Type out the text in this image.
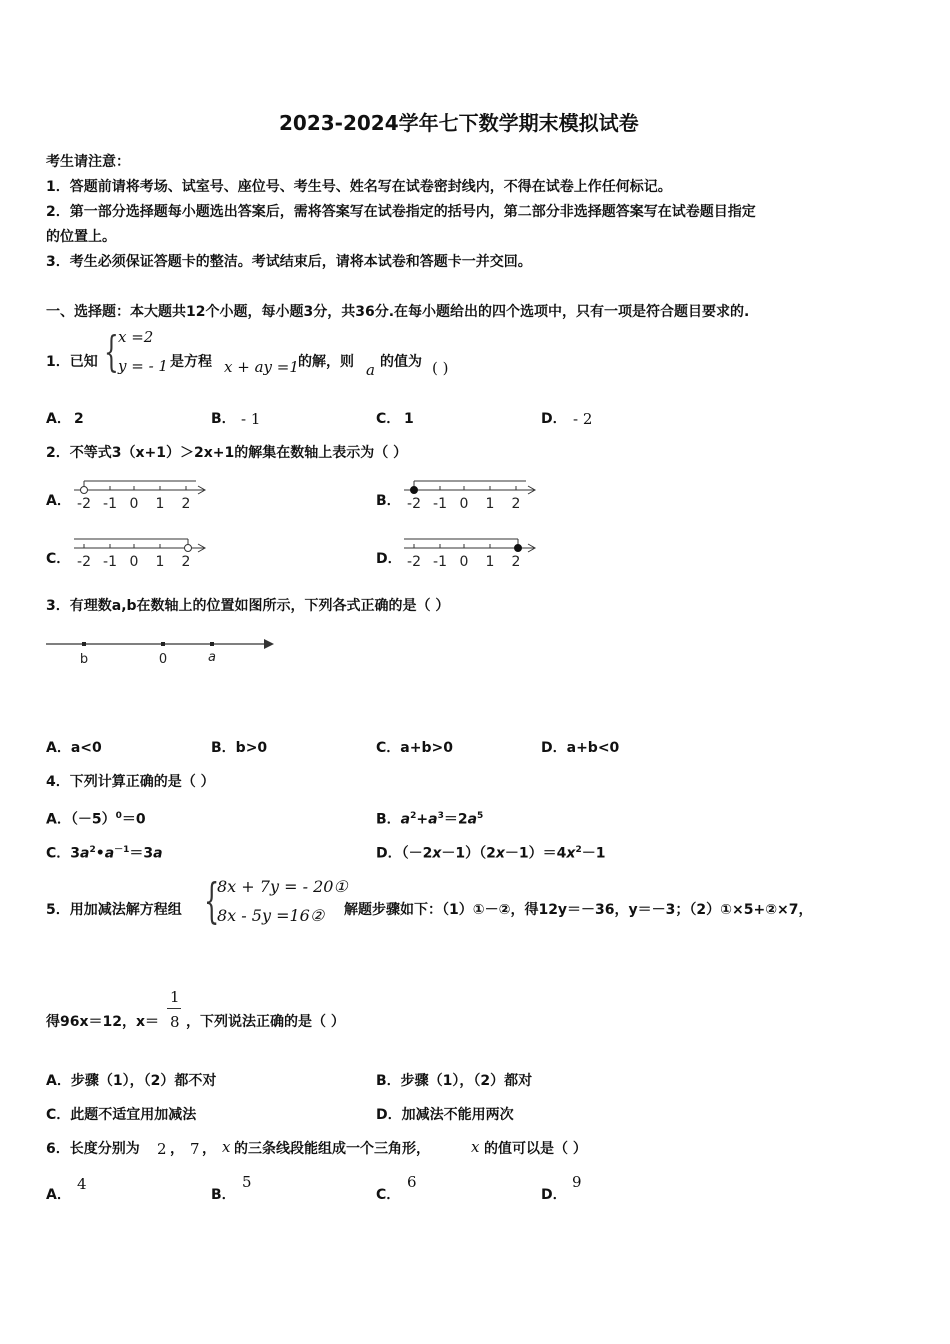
2023-2024学年七下数学期末模拟试卷
考生请注意：
1．答题前请将考场、试室号、座位号、考生号、姓名写在试卷密封线内，不得在试卷上作任何标记。
2．第一部分选择题每小题选出答案后，需将答案写在试卷指定的括号内，第二部分非选择题答案写在试卷题目指定
的位置上。
3．考生必须保证答题卡的整洁。考试结束后，请将本试卷和答题卡一并交回。
一、选择题：本大题共12个小题，每小题3分，共36分.在每小题给出的四个选项中，只有一项是符合题目要求的.
1．已知 { x =2
y = - 1 是方程 x + ay =1 的解，则 a 的值为 ( )
A． 2	B． - 1	C． 1	D． - 2
2．不等式3（x+1）＞2x+1的解集在数轴上表示为（ ）
A． -2 -1 0 1 2	B． -2 -1 0 1 2
C． -2 -1 0 1 2	D． -2 -1 0 1 2
3．有理数a,b在数轴上的位置如图所示，下列各式正确的是（ ）
b	0	a
A．a<0	B．b>0	C．a+b>0	D．a+b<0
4．下列计算正确的是（ ）
A．$(-5)^0=0$	B．$a^2+a^3=2a^5$
C．$3a^2•a^{-1}=3a$	D．$(-2x-1)(2x-1)=4x^2-1$
5．用加减法解方程组 {
8x + 7y = - 20①
8x - 5y =16② 解题步骤如下：（1）①－②，得12y＝－36，y＝－3；（2）①×5+②×7，
得96x＝12，x＝
1
8 ，下列说法正确的是（ ）
A．步骤（1），（2）都不对	B．步骤（1），（2）都对
C．此题不适宜用加减法	D．加减法不能用两次
6．长度分别为 2 ， 7 ， x 的三条线段能组成一个三角形，	x 的值可以是（ ）
A．
4
B．
5
C．
6
D．
9
